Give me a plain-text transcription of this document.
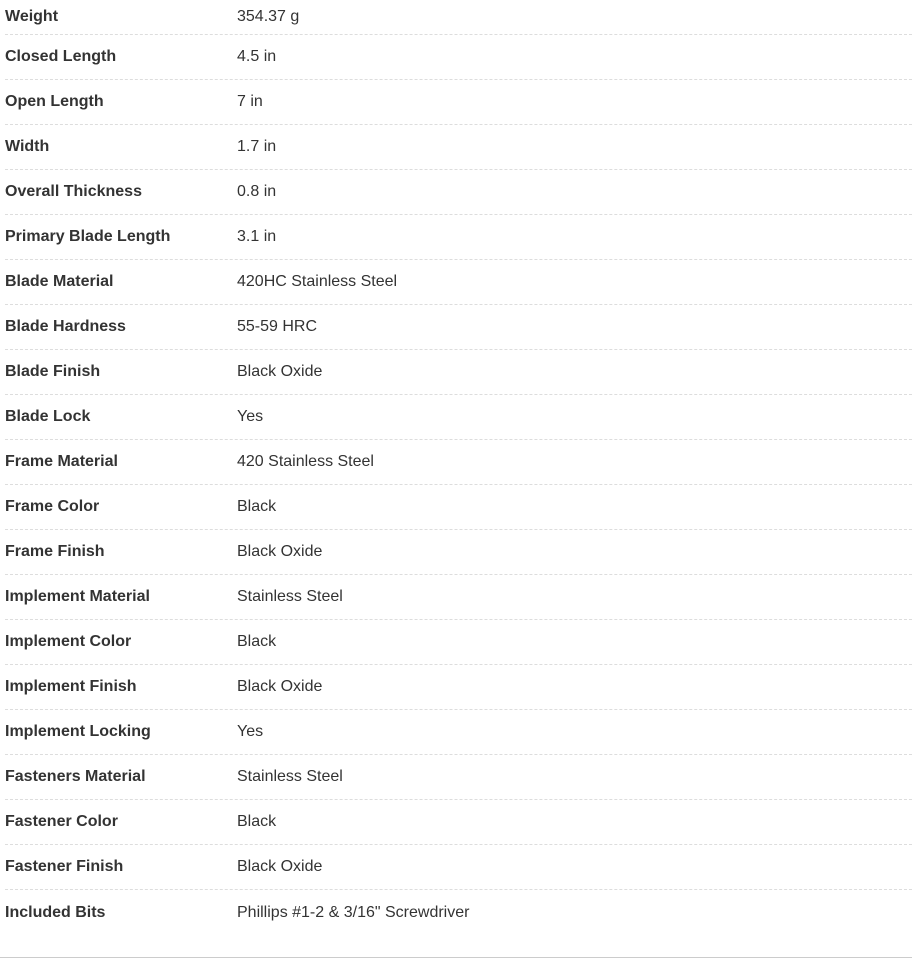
Weight	354.37 g
Closed Length	4.5 in
Open Length	7 in
Width	1.7 in
Overall Thickness	0.8 in
Primary Blade Length	3.1 in
Blade Material	420HC Stainless Steel
Blade Hardness	55-59 HRC
Blade Finish	Black Oxide
Blade Lock	Yes
Frame Material	420 Stainless Steel
Frame Color	Black
Frame Finish	Black Oxide
Implement Material	Stainless Steel
Implement Color	Black
Implement Finish	Black Oxide
Implement Locking	Yes
Fasteners Material	Stainless Steel
Fastener Color	Black
Fastener Finish	Black Oxide
Included Bits	Phillips #1-2 & 3/16" Screwdriver
